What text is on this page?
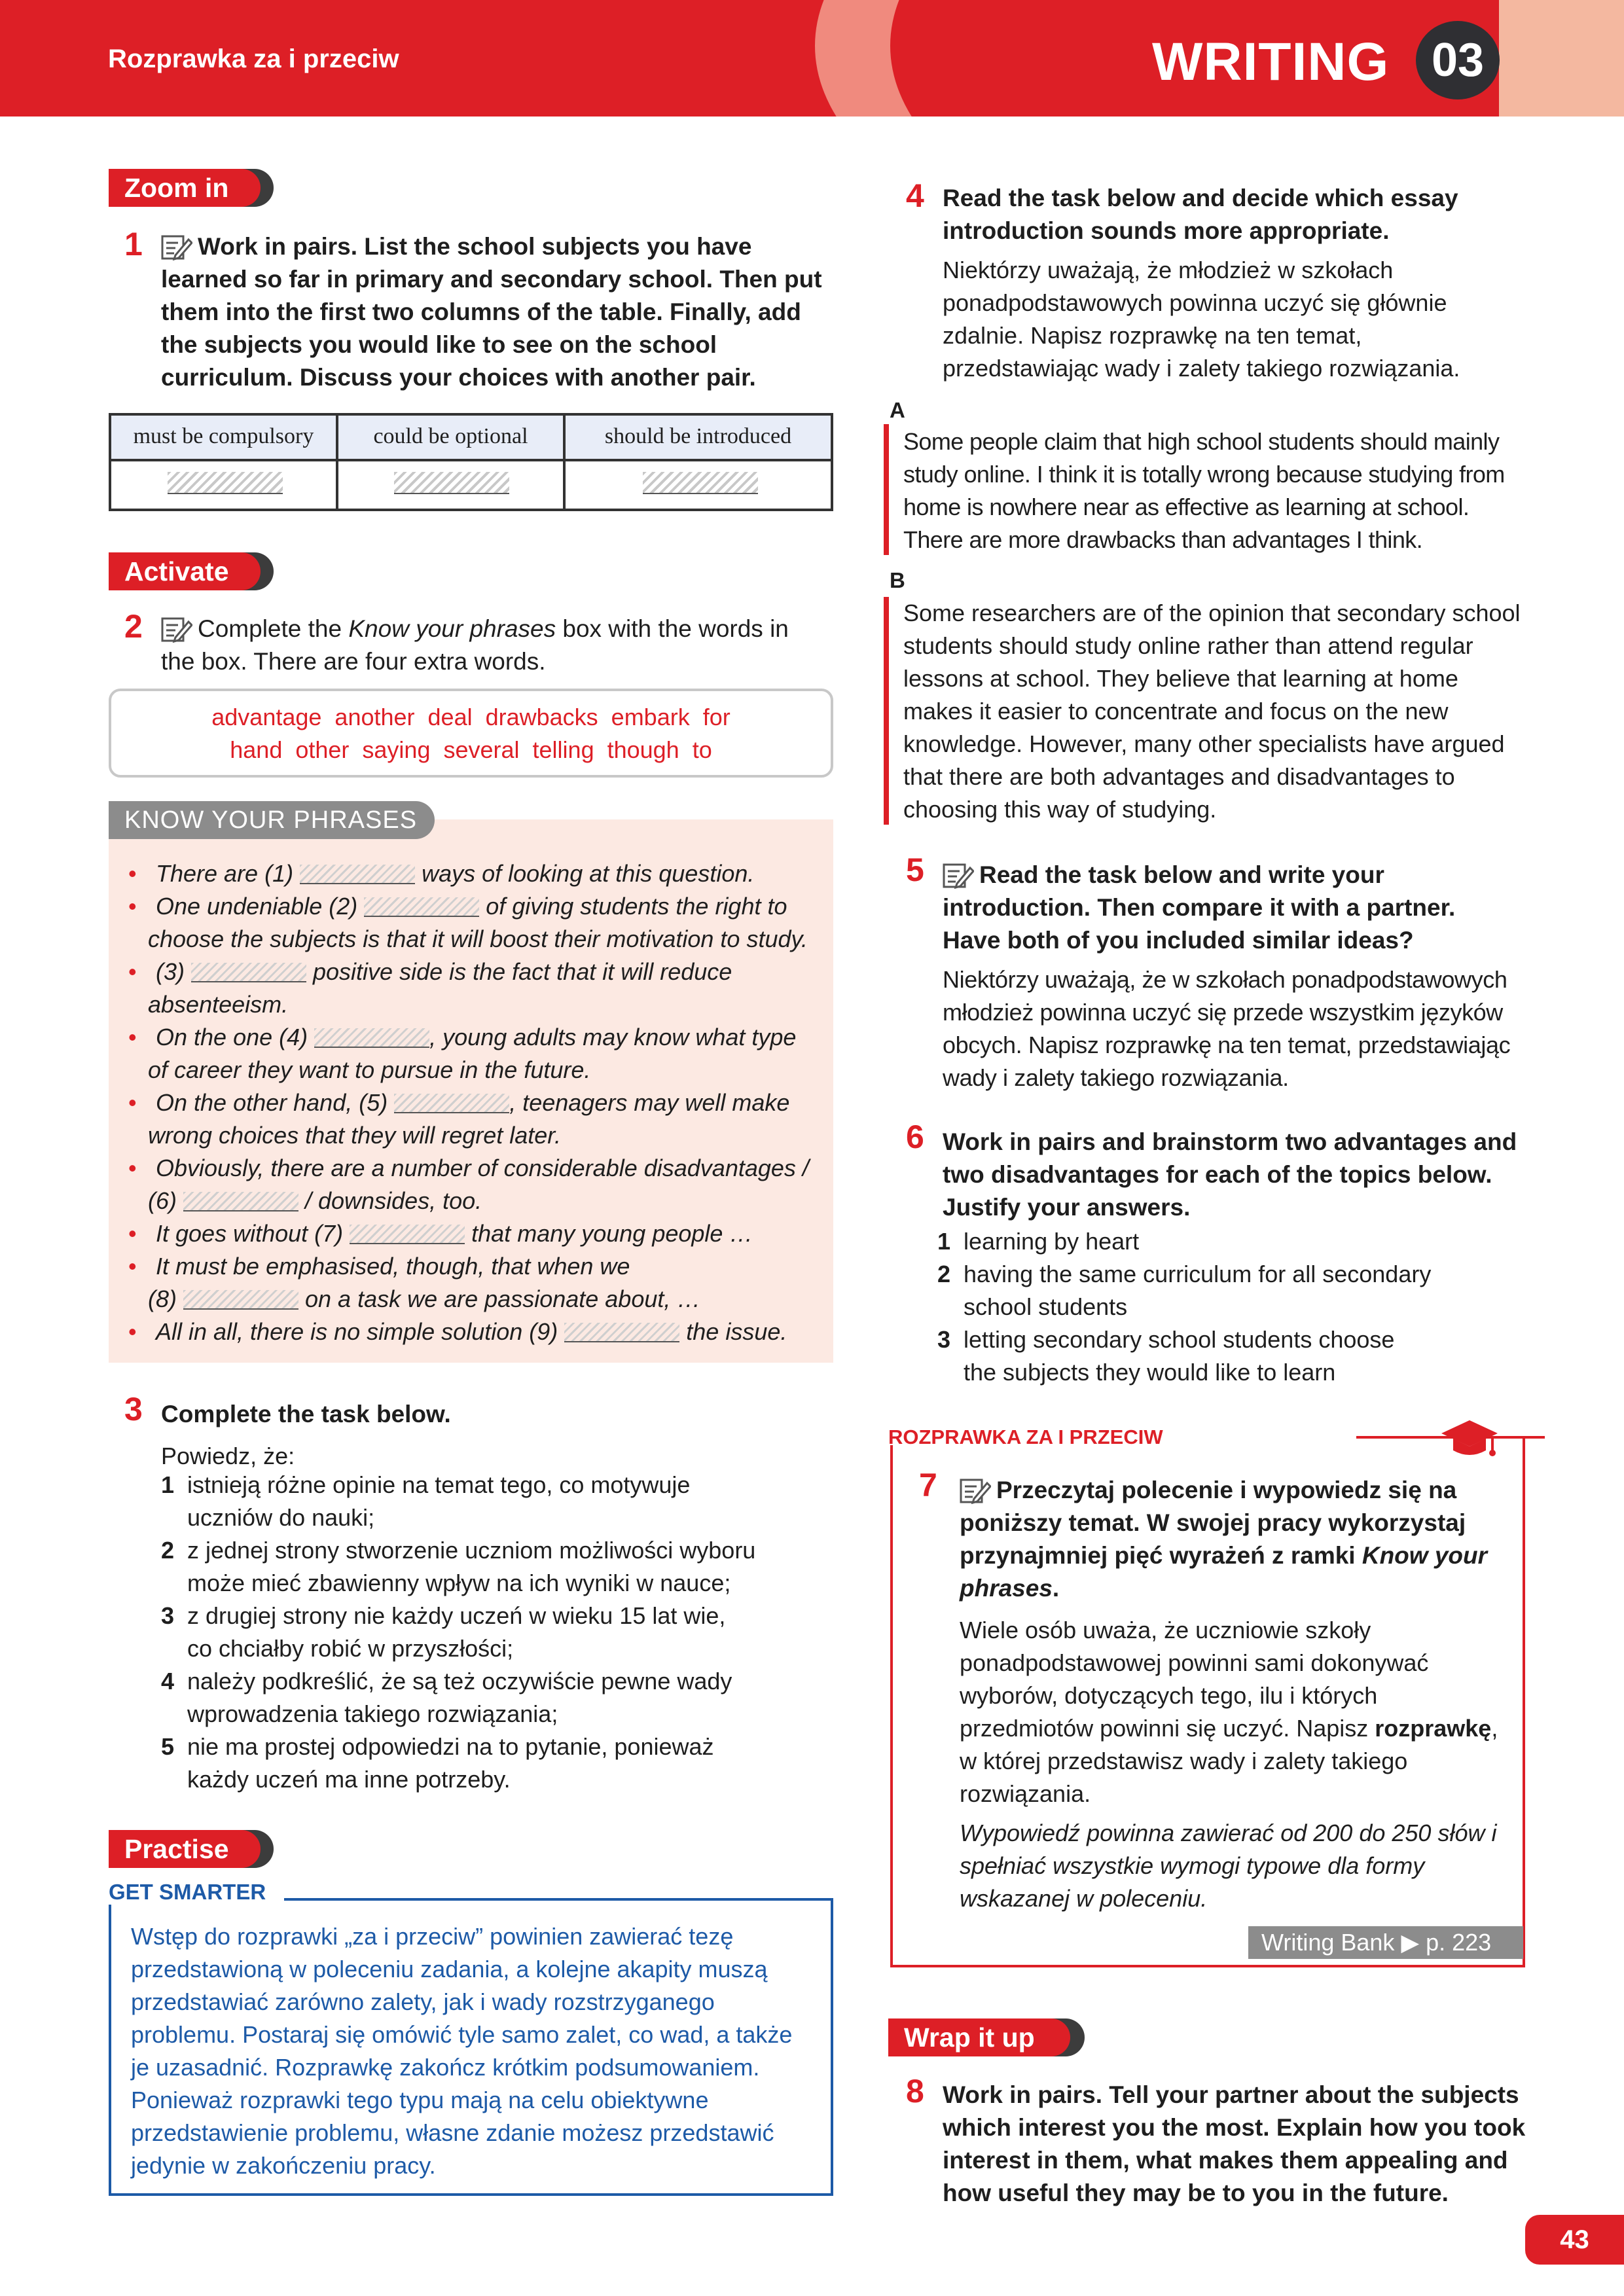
Rozprawka za i przeciw	WRITING 03
Zoom in
1	Work in pairs. List the school subjects you have learned so far in primary and secondary school. Then put them into the first two columns of the table. Finally, add the subjects you would like to see on the school curriculum. Discuss your choices with another pair.
must be compulsory	could be optional	should be introduced
Activate
2	Complete the Know your phrases box with the words in the box. There are four extra words.
advantage another deal drawbacks embark for
hand other saying several telling though to
KNOW YOUR PHRASES
• There are (1)	ways of looking at this question.
• One undeniable (2)	of giving students the right to
choose the subjects is that it will boost their motivation to study.
• (3)	positive side is the fact that it will reduce
absenteeism.
• On the one (4)	, young adults may know what type
of career they want to pursue in the future.
• On the other hand, (5)	, teenagers may well make
wrong choices that they will regret later.
• Obviously, there are a number of considerable disadvantages /
(6)	/ downsides, too.
• It goes without (7)	that many young people …
• It must be emphasised, though, that when we
(8)	on a task we are passionate about, …
• All in all, there is no simple solution (9)	the issue.
3 Complete the task below.
Powiedz, że:
1 istnieją różne opinie na temat tego, co motywuje
uczniów do nauki;
2 z jednej strony stworzenie uczniom możliwości wyboru
może mieć zbawienny wpływ na ich wyniki w nauce;
3 z drugiej strony nie każdy uczeń w wieku 15 lat wie,
co chciałby robić w przyszłości;
4 należy podkreślić, że są też oczywiście pewne wady
wprowadzenia takiego rozwiązania;
5 nie ma prostej odpowiedzi na to pytanie, ponieważ
każdy uczeń ma inne potrzeby.
Practise
Wstęp do rozprawki „za i przeciw” powinien zawierać tezę przedstawioną w poleceniu zadania, a kolejne akapity muszą przedstawiać zarówno zalety, jak i wady rozstrzyganego problemu. Postaraj się omówić tyle samo zalet, co wad, a także je uzasadnić. Rozprawkę zakończ krótkim podsumowaniem. Ponieważ rozprawki tego typu mają na celu obiektywne przedstawienie problemu, własne zdanie możesz przedstawić jedynie w zakończeniu pracy.
GET SMARTER
4 Read the task below and decide which essay introduction sounds more appropriate.
Niektórzy uważają, że młodzież w szkołach ponadpodstawowych powinna uczyć się głównie zdalnie. Napisz rozprawkę na ten temat, przedstawiając wady i zalety takiego rozwiązania.
A
Some people claim that high school students should mainly study online. I think it is totally wrong because studying from home is nowhere near as effective as learning at school. There are more drawbacks than advantages I think.
B
Some researchers are of the opinion that secondary school students should study online rather than attend regular lessons at school. They believe that learning at home makes it easier to concentrate and focus on the new knowledge. However, many other specialists have argued that there are both advantages and disadvantages to choosing this way of studying.
5	Read the task below and write your introduction. Then compare it with a partner. Have both of you included similar ideas?
Niektórzy uważają, że w szkołach ponadpodstawowych młodzież powinna uczyć się przede wszystkim języków obcych. Napisz rozprawkę na ten temat, przedstawiając wady i zalety takiego rozwiązania.
6 Work in pairs and brainstorm two advantages and two disadvantages for each of the topics below. Justify your answers.
1 learning by heart
2 having the same curriculum for all secondary
school students
3 letting secondary school students choose
the subjects they would like to learn
ROZPRAWKA ZA I PRZECIW
7	Przeczytaj polecenie i wypowiedz się na poniższy temat. W swojej pracy wykorzystaj przynajmniej pięć wyrażeń z ramki Know your phrases.
Wiele osób uważa, że uczniowie szkoły ponadpodstawowej powinni sami dokonywać wyborów, dotyczących tego, ilu i których przedmiotów powinni się uczyć. Napisz rozprawkę, w której przedstawisz wady i zalety takiego rozwiązania.
Wypowiedź powinna zawierać od 200 do 250 słów i spełniać wszystkie wymogi typowe dla formy wskazanej w poleceniu.
Writing Bank ▶ p. 223
Wrap it up
8 Work in pairs. Tell your partner about the subjects which interest you the most. Explain how you took interest in them, what makes them appealing and how useful they may be to you in the future.
43
